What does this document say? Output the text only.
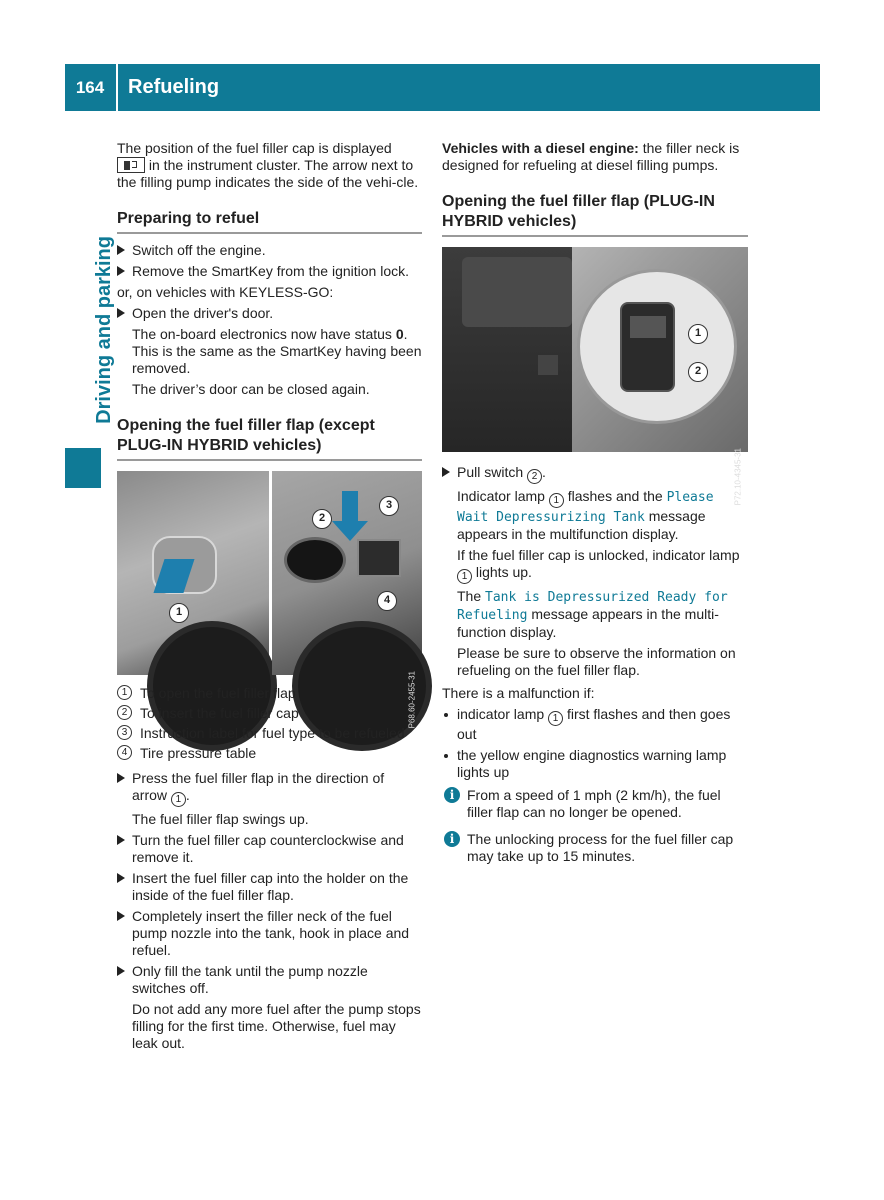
164	Refueling
Driving and parking

The position of the fuel filler cap is displayed  in the instrument cluster. The arrow next to the filling pump indicates the side of the vehi-cle.

Preparing to refuel
Switch off the engine.
Remove the SmartKey from the ignition lock.

or, on vehicles with KEYLESS-GO:

Open the driver's door.
The on-board electronics now have status 0. This is the same as the SmartKey having been removed.
The driver’s door can be closed again.
Opening the fuel filler flap (except PLUG-IN HYBRID vehicles)
1
2
3
4
P68.60-2455-31
1 To open the fuel filler flap
2 To insert the fuel filler cap
3 Instruction label for fuel type to be refueled
4 Tire pressure table
Press the fuel filler flap in the direction of arrow 1 .
The fuel filler flap swings up.
Turn the fuel filler cap counterclockwise and remove it.
Insert the fuel filler cap into the holder on the inside of the fuel filler flap.
Completely insert the filler neck of the fuel pump nozzle into the tank, hook in place and refuel.
Only fill the tank until the pump nozzle switches off.
Do not add any more fuel after the pump stops filling for the first time. Otherwise, fuel may leak out.

Vehicles with a diesel engine: the filler neck is designed for refueling at diesel filling pumps.

Opening the fuel filler flap (PLUG-IN HYBRID vehicles)
1
2
P72.10-4345-31
Pull switch 2 .
Indicator lamp 1 flashes and the Please Wait Depressurizing Tank message appears in the multifunction display.
If the fuel filler cap is unlocked, indicator lamp 1 lights up.
The Tank is Depressurized Ready for Refueling message appears in the multi-function display.
Please be sure to observe the information on refueling on the fuel filler flap.

There is a malfunction if:

indicator lamp 1 first flashes and then goes out
the yellow engine diagnostics warning lamp lights up
i From a speed of 1 mph (2 km/h), the fuel filler flap can no longer be opened.
i The unlocking process for the fuel filler cap may take up to 15 minutes.
